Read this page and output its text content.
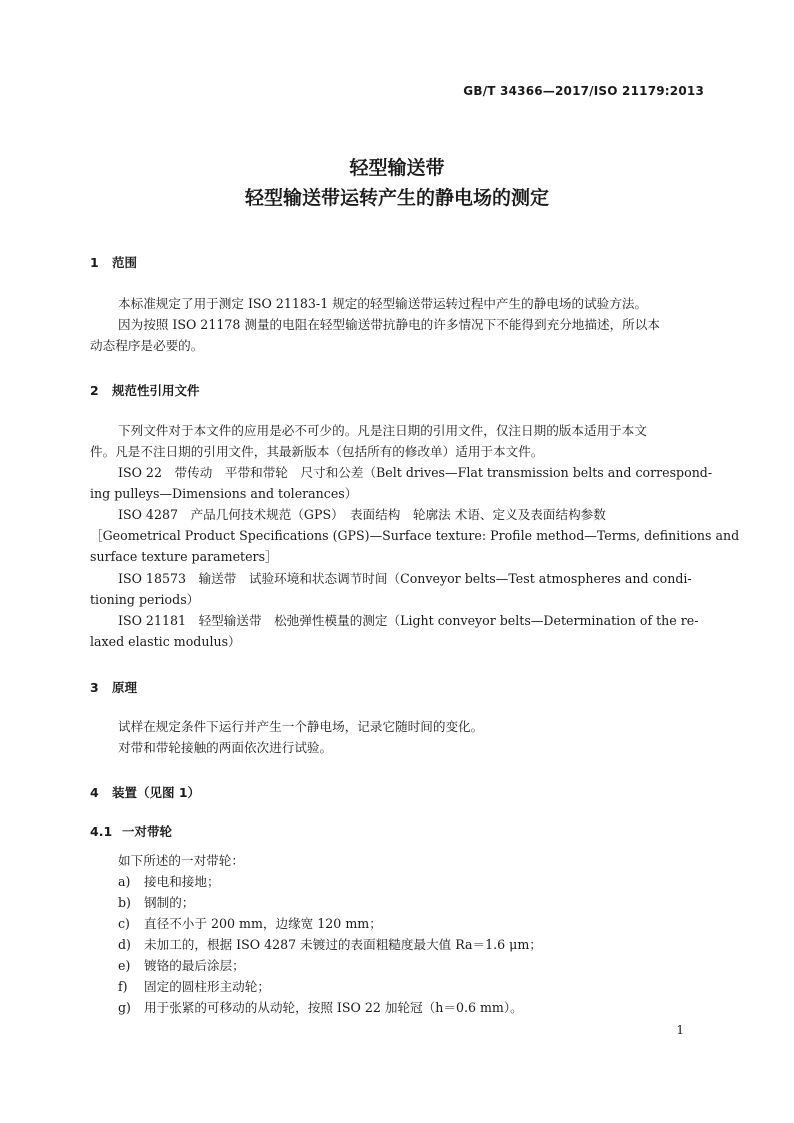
GB/T 34366—2017/ISO 21179:2013
轻型输送带
轻型输送带运转产生的静电场的测定
1 范围
本标准规定了用于测定 ISO 21183-1 规定的轻型输送带运转过程中产生的静电场的试验方法。
因为按照 ISO 21178 测量的电阻在轻型输送带抗静电的许多情况下不能得到充分地描述，所以本
动态程序是必要的。
2 规范性引用文件
下列文件对于本文件的应用是必不可少的。凡是注日期的引用文件，仅注日期的版本适用于本文
件。凡是不注日期的引用文件，其最新版本（包括所有的修改单）适用于本文件。
ISO 22　带传动　平带和带轮　尺寸和公差（Belt drives—Flat transmission belts and correspond-
ing pulleys—Dimensions and tolerances）
ISO 4287　产品几何技术规范（GPS）　表面结构　轮廓法 术语、定义及表面结构参数
［Geometrical Product Specifications (GPS)—Surface texture: Profile method—Terms, definitions and
surface texture parameters］
ISO 18573　输送带　试验环境和状态调节时间（Conveyor belts—Test atmospheres and condi-
tioning periods）
ISO 21181　轻型输送带　松弛弹性模量的测定（Light conveyor belts—Determination of the re-
laxed elastic modulus）
3 原理
试样在规定条件下运行并产生一个静电场，记录它随时间的变化。
对带和带轮接触的两面依次进行试验。
4 装置（见图 1）
4.1 一对带轮
如下所述的一对带轮：
a) 接电和接地；
b) 钢制的；
c) 直径不小于 200 mm，边缘宽 120 mm；
d) 未加工的，根据 ISO 4287 未镀过的表面粗糙度最大值 Ra＝1.6 μm；
e) 镀铬的最后涂层；
f) 固定的圆柱形主动轮；
g) 用于张紧的可移动的从动轮，按照 ISO 22 加轮冠（h＝0.6 mm）。
1
